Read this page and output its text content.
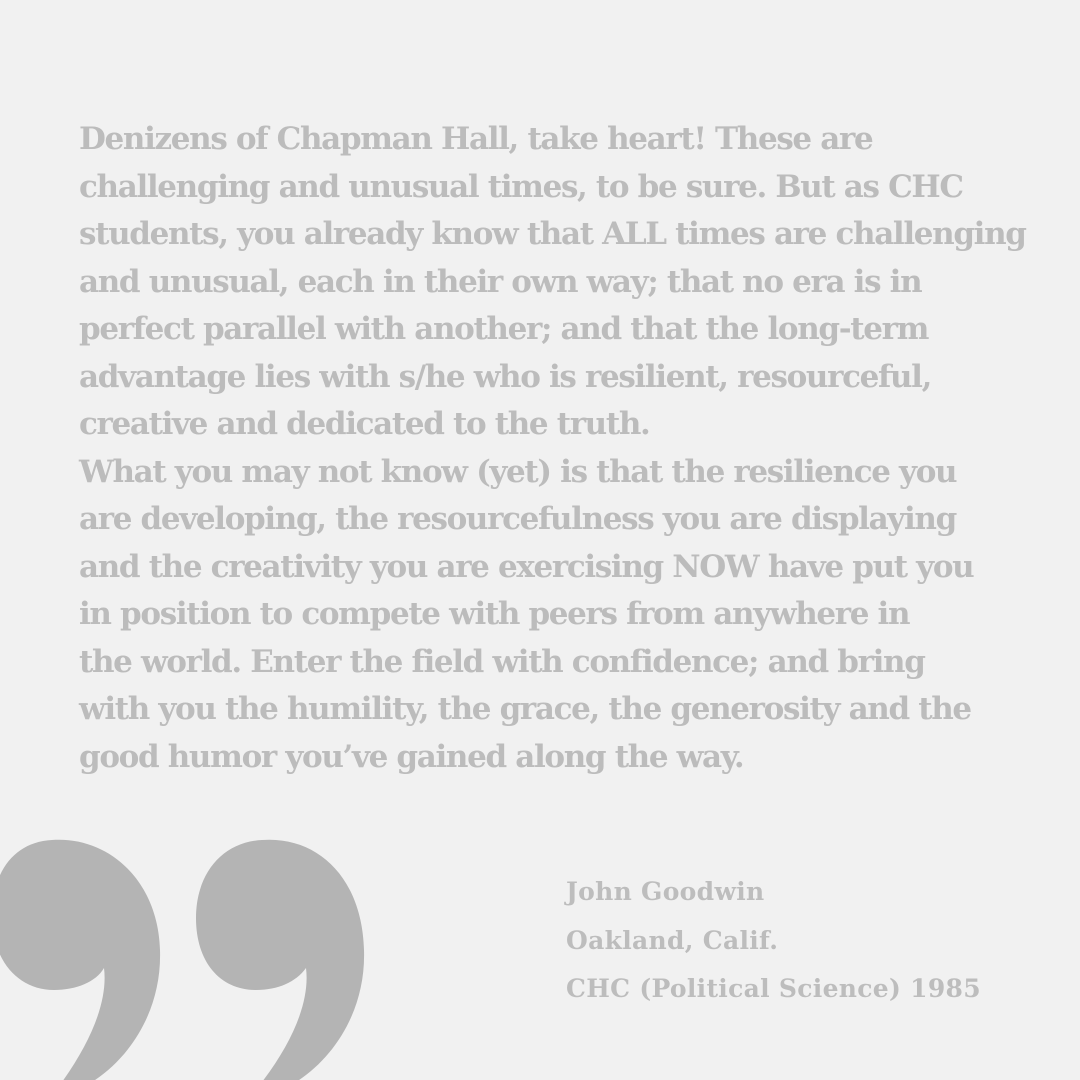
Denizens of Chapman Hall, take heart! These are
challenging and unusual times, to be sure. But as CHC
students, you already know that ALL times are challenging
and unusual, each in their own way; that no era is in
perfect parallel with another; and that the long-term
advantage lies with s/he who is resilient, resourceful,
creative and dedicated to the truth.
What you may not know (yet) is that the resilience you
are developing, the resourcefulness you are displaying
and the creativity you are exercising NOW have put you
in position to compete with peers from anywhere in
the world. Enter the field with confidence; and bring
with you the humility, the grace, the generosity and the
good humor you’ve gained along the way.
John Goodwin
Oakland, Calif.
CHC (Political Science) 1985
